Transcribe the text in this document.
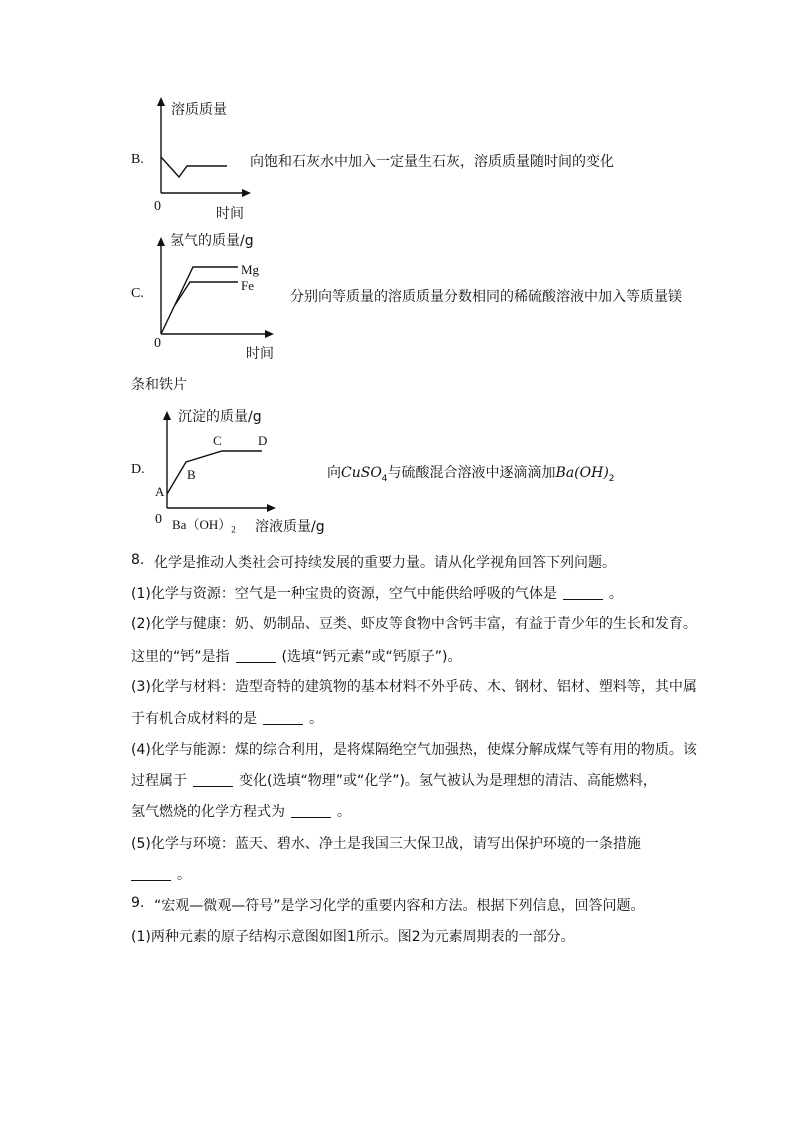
B.
溶质质量
0	时间
向饱和石灰水中加入一定量生石灰，溶质质量随时间的变化
C.
氢气的质量/g
0
时间
Mg
Fe
分别向等质量的溶质质量分数相同的稀硫酸溶液中加入等质量镁
条和铁片
D.
沉淀的质量/g
0
A
B
C	D
$Ba(OH)_2$ 溶液质量/g
向CuSO$_4$与硫酸混合溶液中逐滴滴加$Ba(OH)_2$
8. 化学是推动人类社会可持续发展的重要力量。请从化学视角回答下列问题。
(1)化学与资源：空气是一种宝贵的资源，空气中能供给呼吸的气体是	。
(2)化学与健康：奶、奶制品、豆类、虾皮等食物中含钙丰富，有益于青少年的生长和发育。
这里的“钙”是指	(选填“钙元素”或“钙原子”)。
(3)化学与材料：造型奇特的建筑物的基本材料不外乎砖、木、钢材、铝材、塑料等，其中属
于有机合成材料的是	。
(4)化学与能源：煤的综合利用，是将煤隔绝空气加强热，使煤分解成煤气等有用的物质。该
过程属于	变化(选填“物理”或“化学”)。氢气被认为是理想的清洁、高能燃料，
氢气燃烧的化学方程式为	。
(5)化学与环境：蓝天、碧水、净土是我国三大保卫战，请写出保护环境的一条措施
。
9. “宏观—微观—符号”是学习化学的重要内容和方法。根据下列信息，回答问题。
(1)两种元素的原子结构示意图如图1所示。图2为元素周期表的一部分。
